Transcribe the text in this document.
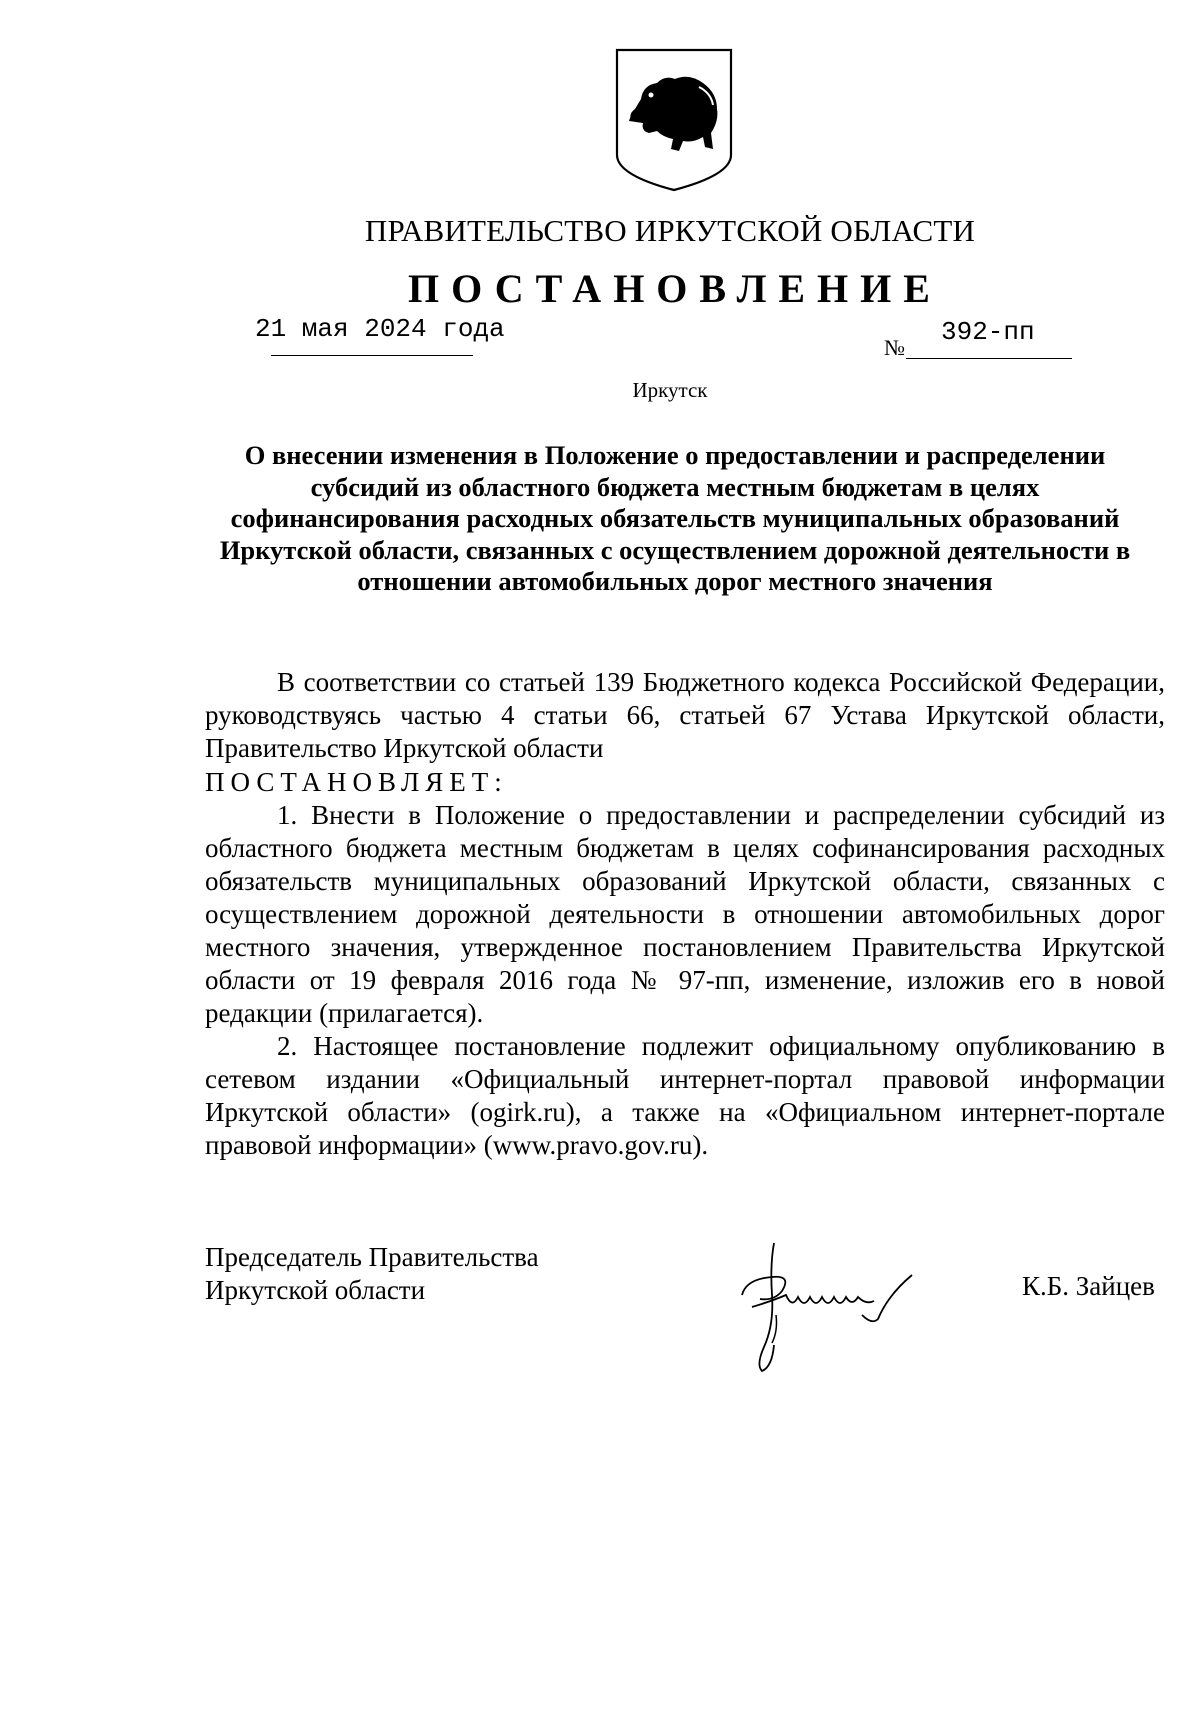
ПРАВИТЕЛЬСТВО ИРКУТСКОЙ ОБЛАСТИ
ПОСТАНОВЛЕНИЕ
21 мая 2024 года
№
392-пп
Иркутск
О внесении изменения в Положение о предоставлении и распределении субсидий из областного бюджета местным бюджетам в целях софинансирования расходных обязательств муниципальных образований Иркутской области, связанных с осуществлением дорожной деятельности в отношении автомобильных дорог местного значения
В соответствии со статьей 139 Бюджетного кодекса Российской Федерации, руководствуясь частью 4 статьи 66, статьей 67 Устава Иркутской области, Правительство Иркутской области
ПОСТАНОВЛЯЕТ:
1. Внести в Положение о предоставлении и распределении субсидий из областного бюджета местным бюджетам в целях софинансирования расходных обязательств муниципальных образований Иркутской области, связанных с осуществлением дорожной деятельности в отношении автомобильных дорог местного значения, утвержденное постановлением Правительства Иркутской области от 19 февраля 2016 года № 97-пп, изменение, изложив его в новой редакции (прилагается).
2. Настоящее постановление подлежит официальному опубликованию в сетевом издании «Официальный интернет-портал правовой информации Иркутской области» (ogirk.ru), а также на «Официальном интернет-портале правовой информации» (www.pravo.gov.ru).
Председатель Правительства
Иркутской области	К.Б. Зайцев
